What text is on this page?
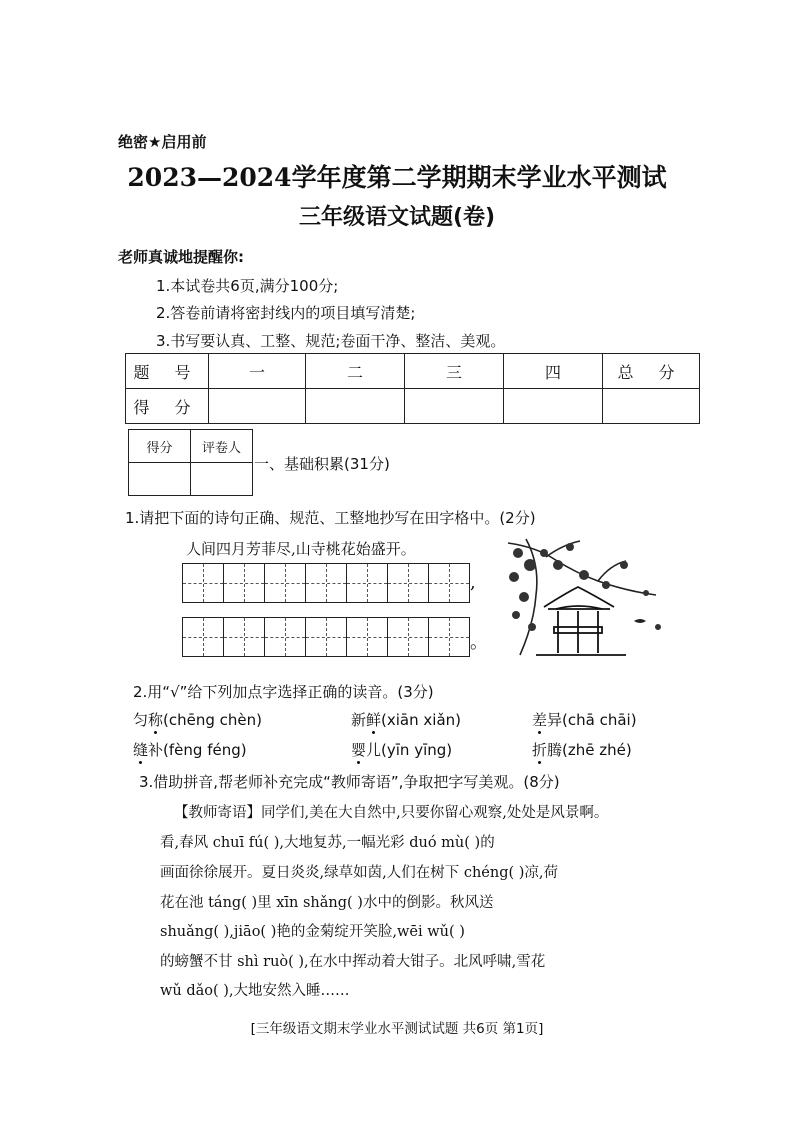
绝密★启用前
2023—2024学年度第二学期期末学业水平测试
三年级语文试题(卷)
老师真诚地提醒你:
1.本试卷共6页,满分100分;
2.答卷前请将密封线内的项目填写清楚;
3.书写要认真、工整、规范;卷面干净、整洁、美观。
题 号	一	二	三	四	总 分
得 分					
得分	评卷人

一、基础积累(31分)
1.请把下面的诗句正确、规范、工整地抄写在田字格中。(2分)
人间四月芳菲尽,山寺桃花始盛开。
,
。
2.用“√”给下列加点字选择正确的读音。(3分)
匀称(chēng chèn)	新鲜(xiān xiǎn)	差异(chā chāi)
缝补(fèng féng)	婴儿(yīn yīng)	折腾(zhē zhé)
3.借助拼音,帮老师补充完成“教师寄语”,争取把字写美观。(8分)
【教师寄语】同学们,美在大自然中,只要你留心观察,处处是风景啊。
看,春风 chuī fú( ),大地复苏,一幅光彩 duó mù( )的
画面徐徐展开。夏日炎炎,绿草如茵,人们在树下 chéng( )凉,荷
花在池 táng( )里 xīn shǎng( )水中的倒影。秋风送
shuǎng( ),jiāo( )艳的金菊绽开笑脸,wēi wǔ( )
的螃蟹不甘 shì ruò( ),在水中挥动着大钳子。北风呼啸,雪花
wǔ dǎo( ),大地安然入睡……
[三年级语文期末学业水平测试试题 共6页 第1页]
